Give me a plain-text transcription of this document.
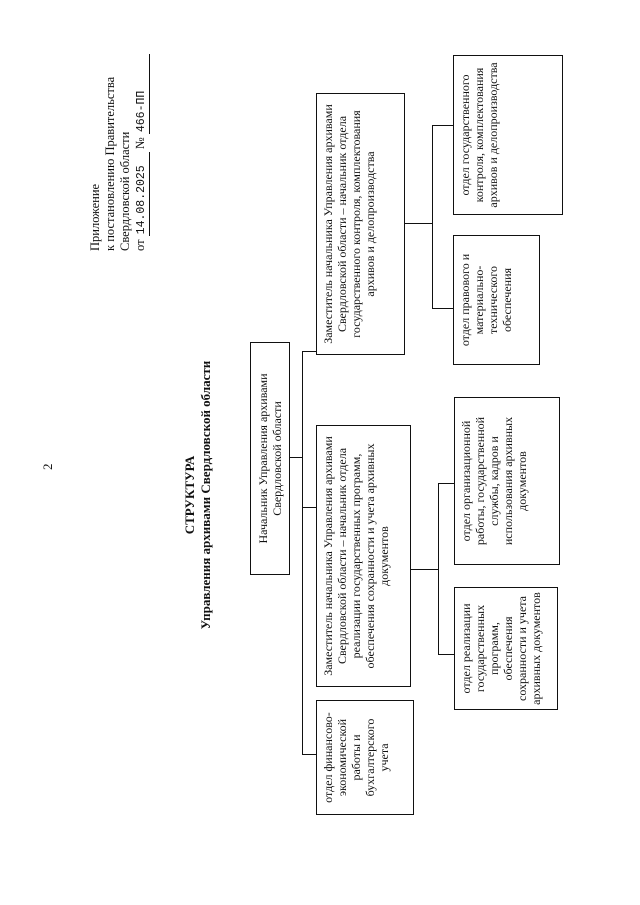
2
Приложение к постановлению Правительства Свердловской области от 14.08.2025 № 466-ПП
СТРУКТУРА Управления архивами Свердловской области	Начальник Управления архивами Свердловской области
отдел финансово-экономической работы и бухгалтерского учета
Заместитель начальника Управления архивами Свердловской области – начальник отдела реализации государственных программ, обеспечения сохранности и учета архивных документов
Заместитель начальника Управления архивами Свердловской области – начальник отдела государственного контроля, комплектования архивов и делопроизводства
отдел реализации государственных программ, обеспечения сохранности и учета архивных документов
отдел организационной работы, государственной службы, кадров и использования архивных документов
отдел правового и материально-технического обеспечения
отдел государственного контроля, комплектования архивов и делопроизводства
